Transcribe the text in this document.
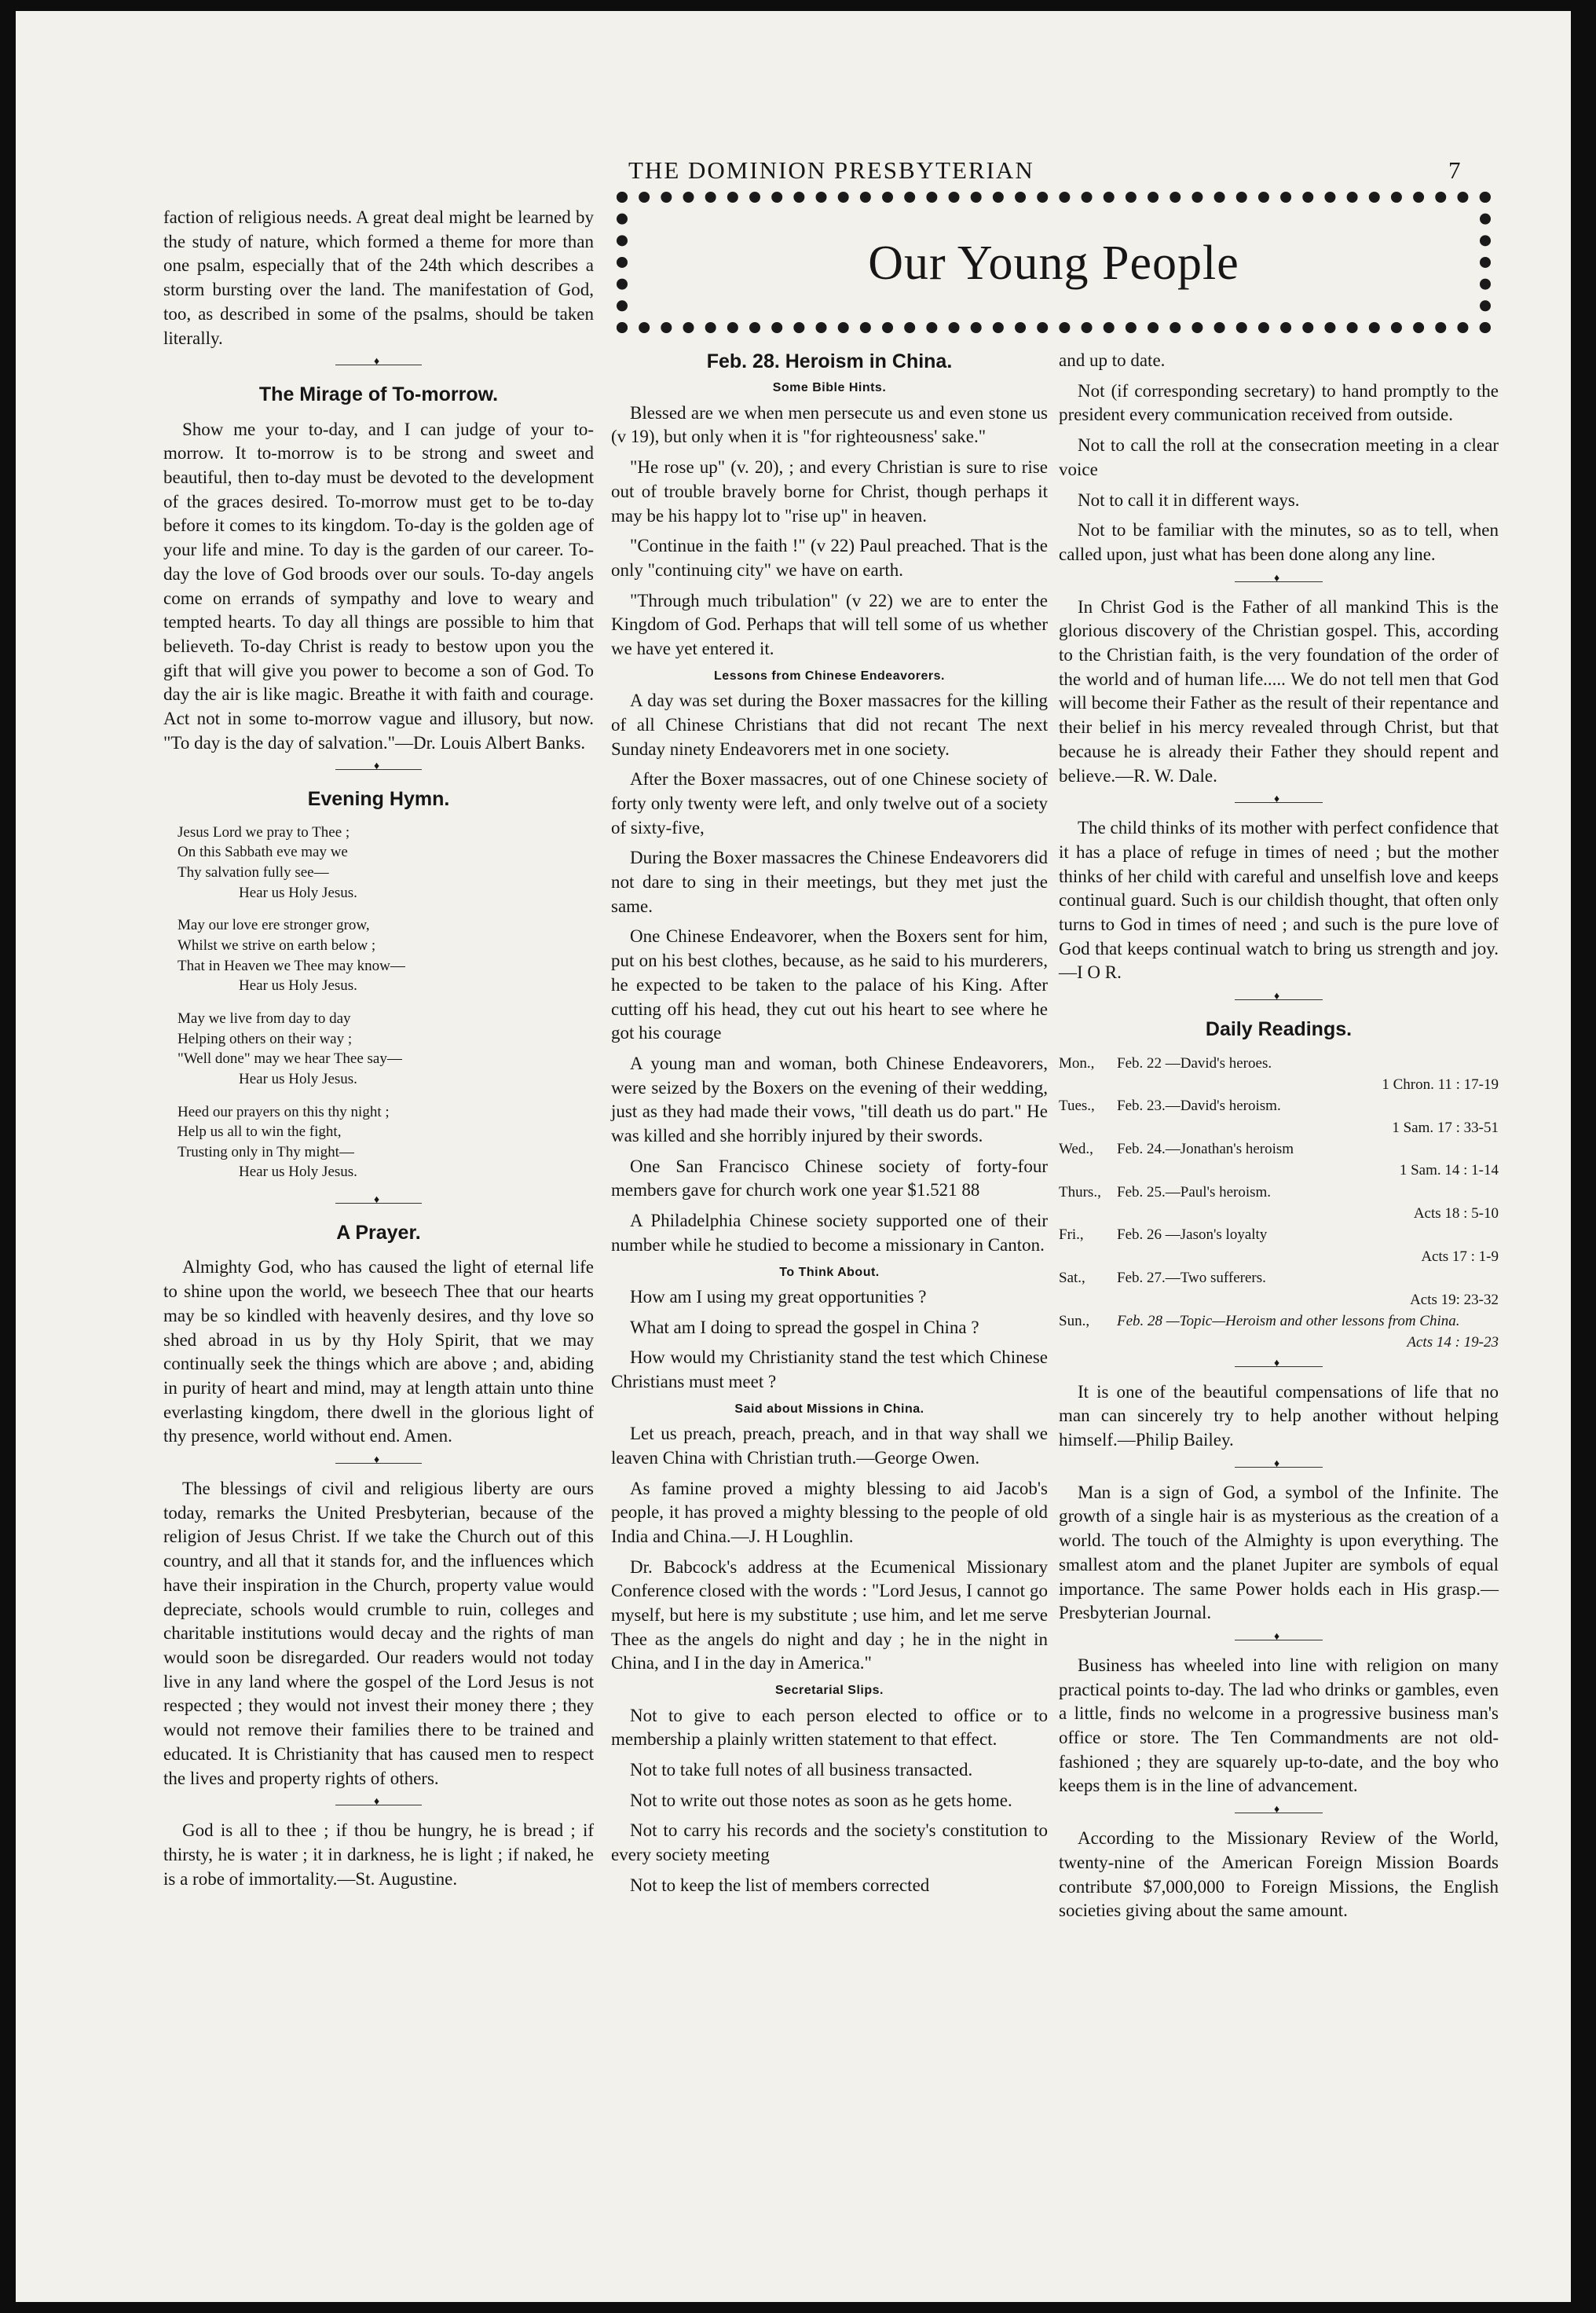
THE DOMINION PRESBYTERIAN	7
Our Young People

faction of religious needs. A great deal might be learned by the study of nature, which formed a theme for more than one psalm, especially that of the 24th which describes a storm bursting over the land. The manifestation of God, too, as described in some of the psalms, should be taken literally.

♦
The Mirage of To-morrow.

Show me your to-day, and I can judge of your to-morrow. It to-morrow is to be strong and sweet and beautiful, then to-day must be devoted to the development of the graces desired. To-morrow must get to be to-day before it comes to its kingdom. To-day is the golden age of your life and mine. To day is the garden of our career. To-day the love of God broods over our souls. To-day angels come on errands of sympathy and love to weary and tempted hearts. To day all things are possible to him that believeth. To-day Christ is ready to bestow upon you the gift that will give you power to become a son of God. To day the air is like magic. Breathe it with faith and courage. Act not in some to-morrow vague and illusory, but now. "To day is the day of salvation."—Dr. Louis Albert Banks.

♦
Evening Hymn.
Jesus Lord we pray to Thee ;
On this Sabbath eve may we
Thy salvation fully see—
Hear us Holy Jesus.
May our love ere stronger grow,
Whilst we strive on earth below ;
That in Heaven we Thee may know—
Hear us Holy Jesus.
May we live from day to day
Helping others on their way ;
"Well done" may we hear Thee say—
Hear us Holy Jesus.
Heed our prayers on this thy night ;
Help us all to win the fight,
Trusting only in Thy might—
Hear us Holy Jesus.
♦
A Prayer.

Almighty God, who has caused the light of eternal life to shine upon the world, we beseech Thee that our hearts may be so kindled with heavenly desires, and thy love so shed abroad in us by thy Holy Spirit, that we may continually seek the things which are above ; and, abiding in purity of heart and mind, may at length attain unto thine everlasting kingdom, there dwell in the glorious light of thy presence, world without end. Amen.

♦

The blessings of civil and religious liberty are ours today, remarks the United Presbyterian, because of the religion of Jesus Christ. If we take the Church out of this country, and all that it stands for, and the influences which have their inspiration in the Church, property value would depreciate, schools would crumble to ruin, colleges and charitable institutions would decay and the rights of man would soon be disregarded. Our readers would not today live in any land where the gospel of the Lord Jesus is not respected ; they would not invest their money there ; they would not remove their families there to be trained and educated. It is Christianity that has caused men to respect the lives and property rights of others.

♦

God is all to thee ; if thou be hungry, he is bread ; if thirsty, he is water ; it in darkness, he is light ; if naked, he is a robe of immortality.—St. Augustine.

Feb. 28. Heroism in China.
Some Bible Hints.

Blessed are we when men persecute us and even stone us (v 19), but only when it is "for righteousness' sake."

"He rose up" (v. 20), ; and every Christian is sure to rise out of trouble bravely borne for Christ, though perhaps it may be his happy lot to "rise up" in heaven.

"Continue in the faith !" (v 22) Paul preached. That is the only "continuing city" we have on earth.

"Through much tribulation" (v 22) we are to enter the Kingdom of God. Perhaps that will tell some of us whether we have yet entered it.

Lessons from Chinese Endeavorers.

A day was set during the Boxer massacres for the killing of all Chinese Christians that did not recant The next Sunday ninety Endeavorers met in one society.

After the Boxer massacres, out of one Chinese society of forty only twenty were left, and only twelve out of a society of sixty-five,

During the Boxer massacres the Chinese Endeavorers did not dare to sing in their meetings, but they met just the same.

One Chinese Endeavorer, when the Boxers sent for him, put on his best clothes, because, as he said to his murderers, he expected to be taken to the palace of his King. After cutting off his head, they cut out his heart to see where he got his courage

A young man and woman, both Chinese Endeavorers, were seized by the Boxers on the evening of their wedding, just as they had made their vows, "till death us do part." He was killed and she horribly injured by their swords.

One San Francisco Chinese society of forty-four members gave for church work one year $1.521 88

A Philadelphia Chinese society supported one of their number while he studied to become a missionary in Canton.

To Think About.

How am I using my great opportunities ?

What am I doing to spread the gospel in China ?

How would my Christianity stand the test which Chinese Christians must meet ?

Said about Missions in China.

Let us preach, preach, preach, and in that way shall we leaven China with Christian truth.—George Owen.

As famine proved a mighty blessing to aid Jacob's people, it has proved a mighty blessing to the people of old India and China.—J. H Loughlin.

Dr. Babcock's address at the Ecumenical Missionary Conference closed with the words : "Lord Jesus, I cannot go myself, but here is my substitute ; use him, and let me serve Thee as the angels do night and day ; he in the night in China, and I in the day in America."

Secretarial Slips.

Not to give to each person elected to office or to membership a plainly written statement to that effect.

Not to take full notes of all business transacted.

Not to write out those notes as soon as he gets home.

Not to carry his records and the society's constitution to every society meeting

Not to keep the list of members corrected

and up to date.

Not (if corresponding secretary) to hand promptly to the president every communication received from outside.

Not to call the roll at the consecration meeting in a clear voice

Not to call it in different ways.

Not to be familiar with the minutes, so as to tell, when called upon, just what has been done along any line.

♦

In Christ God is the Father of all mankind This is the glorious discovery of the Christian gospel. This, according to the Christian faith, is the very foundation of the order of the world and of human life..... We do not tell men that God will become their Father as the result of their repentance and their belief in his mercy revealed through Christ, but that because he is already their Father they should repent and believe.—R. W. Dale.

♦

The child thinks of its mother with perfect confidence that it has a place of refuge in times of need ; but the mother thinks of her child with careful and unselfish love and keeps continual guard. Such is our childish thought, that often only turns to God in times of need ; and such is the pure love of God that keeps continual watch to bring us strength and joy.—I O R.

♦
Daily Readings.
Mon.,	Feb. 22 —David's heroes.
	1 Chron. 11 : 17-19
Tues.,	Feb. 23.—David's heroism.
	1 Sam. 17 : 33-51
Wed.,	Feb. 24.—Jonathan's heroism
	1 Sam. 14 : 1-14
Thurs.,	Feb. 25.—Paul's heroism.
	Acts 18 : 5-10
Fri.,	Feb. 26 —Jason's loyalty
	Acts 17 : 1-9
Sat.,	Feb. 27.—Two sufferers.
	Acts 19: 23-32
Sun.,	Feb. 28 —Topic—Heroism and other lessons from China.
	Acts 14 : 19-23
♦

It is one of the beautiful compensations of life that no man can sincerely try to help another without helping himself.—Philip Bailey.

♦

Man is a sign of God, a symbol of the Infinite. The growth of a single hair is as mysterious as the creation of a world. The touch of the Almighty is upon everything. The smallest atom and the planet Jupiter are symbols of equal importance. The same Power holds each in His grasp.—Presbyterian Journal.

♦

Business has wheeled into line with religion on many practical points to-day. The lad who drinks or gambles, even a little, finds no welcome in a progressive business man's office or store. The Ten Commandments are not old-fashioned ; they are squarely up-to-date, and the boy who keeps them is in the line of advancement.

♦

According to the Missionary Review of the World, twenty-nine of the American Foreign Mission Boards contribute $7,000,000 to Foreign Missions, the English societies giving about the same amount.
